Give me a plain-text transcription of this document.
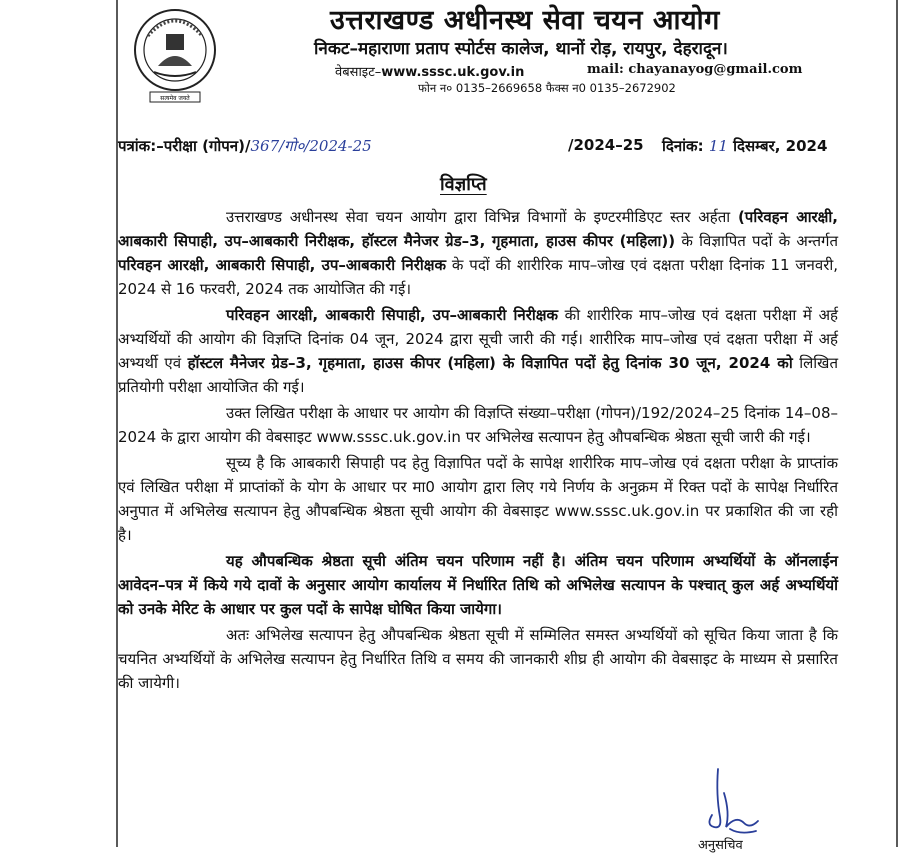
सत्यमेव जयते
उत्तराखण्ड अधीनस्थ सेवा चयन आयोग
निकट–महाराणा प्रताप स्पोर्टस कालेज, थानों रोड़, रायपुर, देहरादून।
वेबसाइट–www.sssc.uk.gov.in	mail: chayanayog@gmail.com
फोन न० 0135–2669658 फैक्स न0 0135–2672902
पत्रांक:–परीक्षा (गोपन)/367/गो०/2024-25	/2024–25 दिनांक: 11 दिसम्बर, 2024
विज्ञप्ति

उत्तराखण्ड अधीनस्थ सेवा चयन आयोग द्वारा विभिन्न विभागों के इण्टरमीडिएट स्तर अर्हता (परिवहन आरक्षी, आबकारी सिपाही, उप–आबकारी निरीक्षक, हॉस्टल मैनेजर ग्रेड–3, गृहमाता, हाउस कीपर (महिला)) के विज्ञापित पदों के अन्तर्गत परिवहन आरक्षी, आबकारी सिपाही, उप–आबकारी निरीक्षक के पदों की शारीरिक माप–जोख एवं दक्षता परीक्षा दिनांक 11 जनवरी, 2024 से 16 फरवरी, 2024 तक आयोजित की गई।

परिवहन आरक्षी, आबकारी सिपाही, उप–आबकारी निरीक्षक की शारीरिक माप–जोख एवं दक्षता परीक्षा में अर्ह अभ्यर्थियों की आयोग की विज्ञप्ति दिनांक 04 जून, 2024 द्वारा सूची जारी की गई। शारीरिक माप–जोख एवं दक्षता परीक्षा में अर्ह अभ्यर्थी एवं हॉस्टल मैनेजर ग्रेड–3, गृहमाता, हाउस कीपर (महिला) के विज्ञापित पदों हेतु दिनांक 30 जून, 2024 को लिखित प्रतियोगी परीक्षा आयोजित की गई।

उक्त लिखित परीक्षा के आधार पर आयोग की विज्ञप्ति संख्या–परीक्षा (गोपन)/192/2024–25 दिनांक 14–08–2024 के द्वारा आयोग की वेबसाइट www.sssc.uk.gov.in पर अभिलेख सत्यापन हेतु औपबन्धिक श्रेष्ठता सूची जारी की गई।

सूच्य है कि आबकारी सिपाही पद हेतु विज्ञापित पदों के सापेक्ष शारीरिक माप–जोख एवं दक्षता परीक्षा के प्राप्तांक एवं लिखित परीक्षा में प्राप्तांकों के योग के आधार पर मा0 आयोग द्वारा लिए गये निर्णय के अनुक्रम में रिक्त पदों के सापेक्ष निर्धारित अनुपात में अभिलेख सत्यापन हेतु औपबन्धिक श्रेष्ठता सूची आयोग की वेबसाइट www.sssc.uk.gov.in पर प्रकाशित की जा रही है।

यह औपबन्धिक श्रेष्ठता सूची अंतिम चयन परिणाम नहीं है। अंतिम चयन परिणाम अभ्यर्थियों के ऑनलाईन आवेदन–पत्र में किये गये दावों के अनुसार आयोग कार्यालय में निर्धारित तिथि को अभिलेख सत्यापन के पश्चात् कुल अर्ह अभ्यर्थियों को उनके मेरिट के आधार पर कुल पदों के सापेक्ष घोषित किया जायेगा।

अतः अभिलेख सत्यापन हेतु औपबन्धिक श्रेष्ठता सूची में सम्मिलित समस्त अभ्यर्थियों को सूचित किया जाता है कि चयनित अभ्यर्थियों के अभिलेख सत्यापन हेतु निर्धारित तिथि व समय की जानकारी शीघ्र ही आयोग की वेबसाइट के माध्यम से प्रसारित की जायेगी।

अनुसचिव
